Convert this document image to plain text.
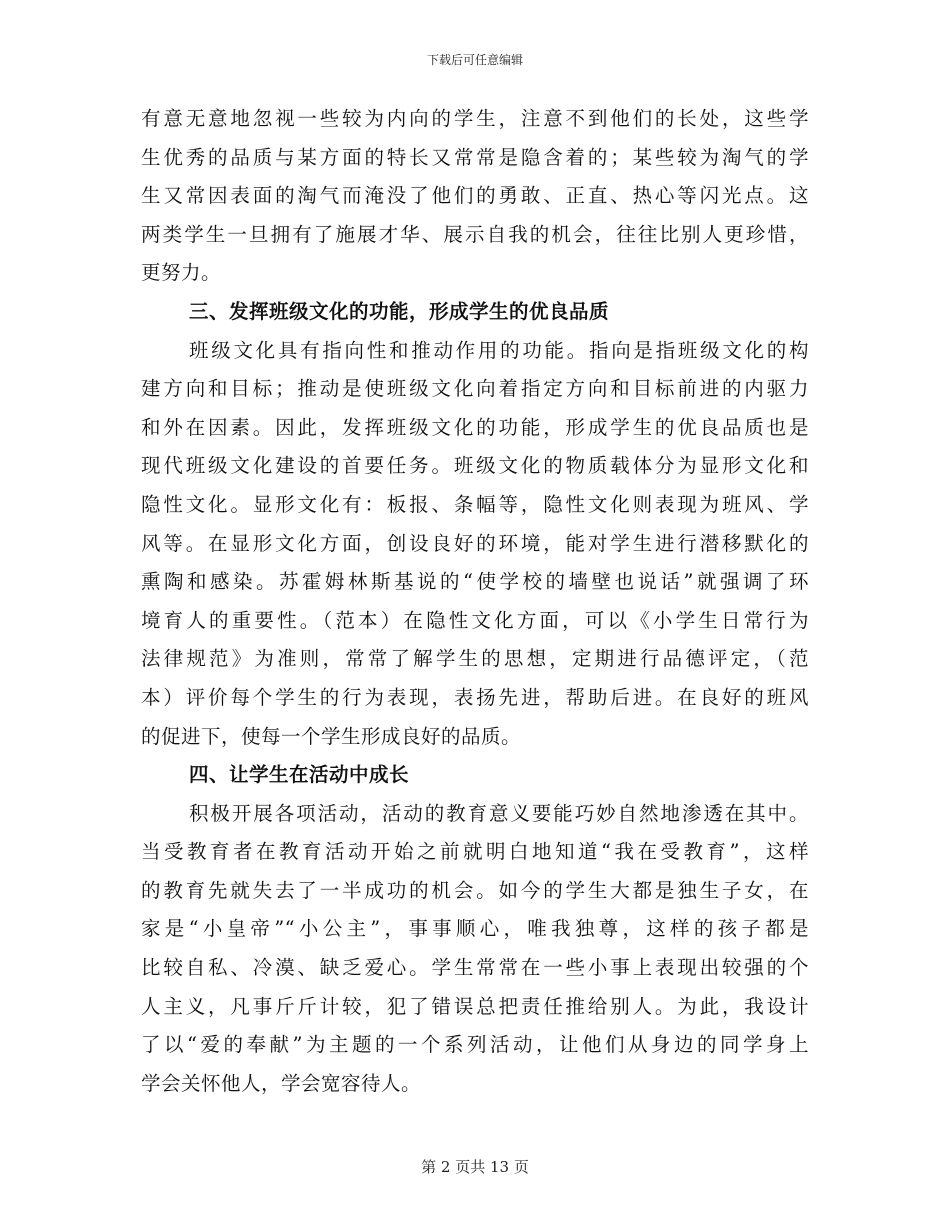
下载后可任意编辑
有意无意地忽视一些较为内向的学生，注意不到他们的长处，这些学
生优秀的品质与某方面的特长又常常是隐含着的；某些较为淘气的学
生又常因表面的淘气而淹没了他们的勇敢、正直、热心等闪光点。这
两类学生一旦拥有了施展才华、展示自我的机会，往往比别人更珍惜，
更努力。
三、发挥班级文化的功能，形成学生的优良品质
班级文化具有指向性和推动作用的功能。指向是指班级文化的构
建方向和目标；推动是使班级文化向着指定方向和目标前进的内驱力
和外在因素。因此，发挥班级文化的功能，形成学生的优良品质也是
现代班级文化建设的首要任务。班级文化的物质载体分为显形文化和
隐性文化。显形文化有：板报、条幅等，隐性文化则表现为班风、学
风等。在显形文化方面，创设良好的环境，能对学生进行潜移默化的
熏陶和感染。苏霍姆林斯基说的“使学校的墙壁也说话”就强调了环
境育人的重要性。（范本）在隐性文化方面，可以《小学生日常行为
法律规范》为准则，常常了解学生的思想，定期进行品德评定，（范
本）评价每个学生的行为表现，表扬先进，帮助后进。在良好的班风
的促进下，使每一个学生形成良好的品质。
四、让学生在活动中成长
积极开展各项活动，活动的教育意义要能巧妙自然地渗透在其中。
当受教育者在教育活动开始之前就明白地知道“我在受教育”，这样
的教育先就失去了一半成功的机会。如今的学生大都是独生子女，在
家是“小皇帝”“小公主”，事事顺心，唯我独尊，这样的孩子都是
比较自私、冷漠、缺乏爱心。学生常常在一些小事上表现出较强的个
人主义，凡事斤斤计较，犯了错误总把责任推给别人。为此，我设计
了以“爱的奉献”为主题的一个系列活动，让他们从身边的同学身上
学会关怀他人，学会宽容待人。
第 2 页共 13 页
